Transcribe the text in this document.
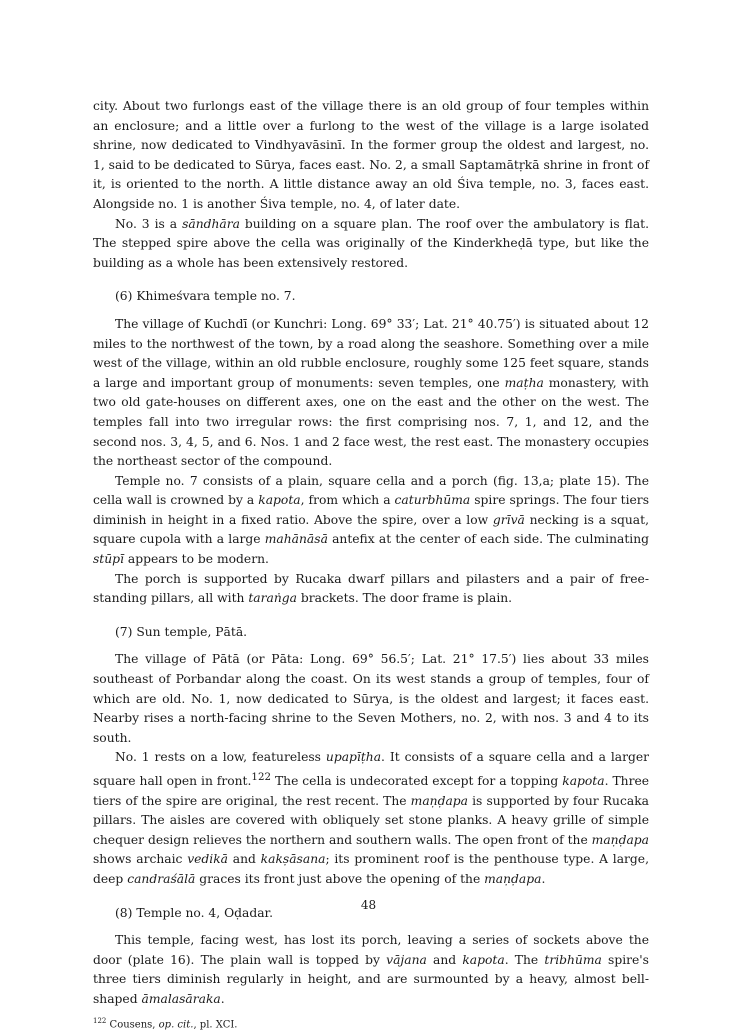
city. About two furlongs east of the village there is an old group of four temples within an enclosure; and a little over a furlong to the west of the village is a large isolated shrine, now dedicated to Vindhyavāsinī. In the former group the oldest and largest, no. 1, said to be dedicated to Sūrya, faces east. No. 2, a small Saptamātṛkā shrine in front of it, is oriented to the north. A little distance away an old Śiva temple, no. 3, faces east. Alongside no. 1 is another Śiva temple, no. 4, of later date.

No. 3 is a sāndhāra building on a square plan. The roof over the ambulatory is flat. The stepped spire above the cella was originally of the Kinderkheḍā type, but like the building as a whole has been extensively restored.

(6) Khimeśvara temple no. 7.

The village of Kuchdī (or Kunchri: Long. 69° 33′; Lat. 21° 40.75′) is situated about 12 miles to the northwest of the town, by a road along the seashore. Something over a mile west of the village, within an old rubble enclosure, roughly some 125 feet square, stands a large and important group of monuments: seven temples, one maṭha monastery, with two old gate-houses on different axes, one on the east and the other on the west. The temples fall into two irregular rows: the first comprising nos. 7, 1, and 12, and the second nos. 3, 4, 5, and 6. Nos. 1 and 2 face west, the rest east. The monastery occupies the northeast sector of the compound.

Temple no. 7 consists of a plain, square cella and a porch (fig. 13,a; plate 15). The cella wall is crowned by a kapota, from which a caturbhūma spire springs. The four tiers diminish in height in a fixed ratio. Above the spire, over a low grīvā necking is a squat, square cupola with a large mahānāsā antefix at the center of each side. The culminating stūpī appears to be modern.

The porch is supported by Rucaka dwarf pillars and pilasters and a pair of free-standing pillars, all with taraṅga brackets. The door frame is plain.

(7) Sun temple, Pātā.

The village of Pātā (or Pāta: Long. 69° 56.5′; Lat. 21° 17.5′) lies about 33 miles southeast of Porbandar along the coast. On its west stands a group of temples, four of which are old. No. 1, now dedicated to Sūrya, is the oldest and largest; it faces east. Nearby rises a north-facing shrine to the Seven Mothers, no. 2, with nos. 3 and 4 to its south.

No. 1 rests on a low, featureless upapīṭha. It consists of a square cella and a larger square hall open in front.$^{122}$ The cella is undecorated except for a topping kapota. Three tiers of the spire are original, the rest recent. The maṇḍapa is supported by four Rucaka pillars. The aisles are covered with obliquely set stone planks. A heavy grille of simple chequer design relieves the northern and southern walls. The open front of the maṇḍapa shows archaic vedikā and kakṣāsana; its prominent roof is the penthouse type. A large, deep candraśālā graces its front just above the opening of the maṇḍapa.

(8) Temple no. 4, Oḍadar.

This temple, facing west, has lost its porch, leaving a series of sockets above the door (plate 16). The plain wall is topped by vājana and kapota. The tribhūma spire's three tiers diminish regularly in height, and are surmounted by a heavy, almost bell-shaped āmalasāraka.

$^{122}$ Cousens, op. cit., pl. XCI.

48
